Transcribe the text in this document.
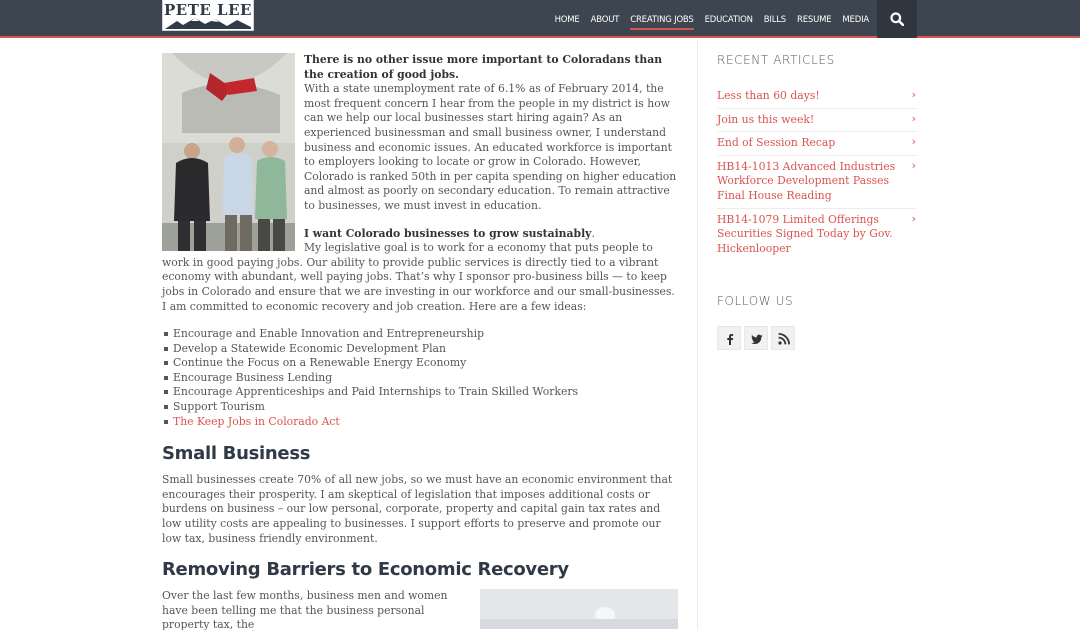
PETE LEE
HOME ABOUT CREATING JOBS EDUCATION BILLS RESUME MEDIA

There is no other issue more important to Coloradans than the creation of good jobs.
With a state unemployment rate of 6.1% as of February 2014, the most frequent concern I hear from the people in my district is how can we help our local businesses start hiring again? As an experienced businessman and small business owner, I understand business and economic issues. An educated workforce is important to employers looking to locate or grow in Colorado. However, Colorado is ranked 50th in per capita spending on higher education and almost as poorly on secondary education. To remain attractive to businesses, we must invest in education.

I want Colorado businesses to grow sustainably.
My legislative goal is to work for a economy that puts people to work in good paying jobs. Our ability to provide public services is directly tied to a vibrant economy with abundant, well paying jobs. That’s why I sponsor pro-business bills — to keep jobs in Colorado and ensure that we are investing in our workforce and our small-businesses. I am committed to economic recovery and job creation. Here are a few ideas:

Encourage and Enable Innovation and Entrepreneurship
Develop a Statewide Economic Development Plan
Continue the Focus on a Renewable Energy Economy
Encourage Business Lending
Encourage Apprenticeships and Paid Internships to Train Skilled Workers
Support Tourism
The Keep Jobs in Colorado Act
Small Business

Small businesses create 70% of all new jobs, so we must have an economic environment that encourages their prosperity. I am skeptical of legislation that imposes additional costs or burdens on business – our low personal, corporate, property and capital gain tax rates and low utility costs are appealing to businesses. I support efforts to preserve and promote our low tax, business friendly environment.

Removing Barriers to Economic Recovery

Over the last few months, business men and women have been telling me that the business personal property tax, the

RECENT ARTICLES
Less than 60 days!	›
Join us this week!	›
End of Session Recap	›
HB14-1013 Advanced Industries Workforce Development Passes Final House Reading
›
HB14-1079 Limited Offerings Securities Signed Today by Gov. Hickenlooper
›
FOLLOW US
